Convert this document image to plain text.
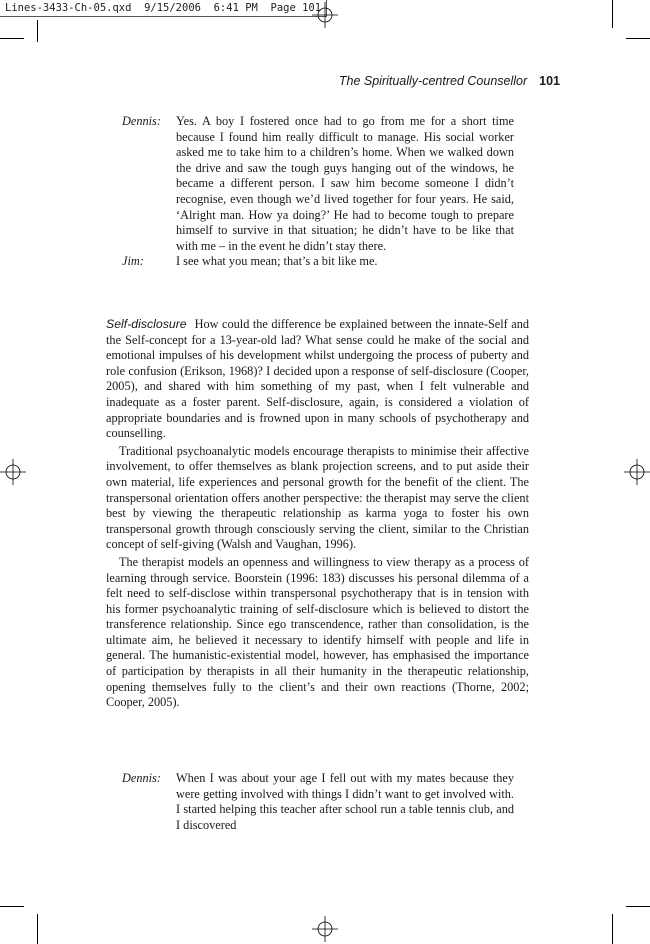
Lines-3433-Ch-05.qxd  9/15/2006  6:41 PM  Page 101
The Spiritually-centred Counsellor 101
Dennis:	Yes. A boy I fostered once had to go from me for a short time because I found him really difficult to manage. His social worker asked me to take him to a children’s home. When we walked down the drive and saw the tough guys hanging out of the windows, he became a different person. I saw him become someone I didn’t recognise, even though we’d lived together for four years. He said, ‘Alright man. How ya doing?’ He had to become tough to prepare himself to survive in that situation; he didn’t have to be like that with me – in the event he didn’t stay there.
Jim:	I see what you mean; that’s a bit like me.

Self-disclosure How could the difference be explained between the innate-Self and the Self-concept for a 13-year-old lad? What sense could he make of the social and emotional impulses of his development whilst undergoing the process of puberty and role confusion (Erikson, 1968)? I decided upon a response of self-disclosure (Cooper, 2005), and shared with him something of my past, when I felt vulnerable and inadequate as a foster parent. Self-disclosure, again, is considered a violation of appropriate boundaries and is frowned upon in many schools of psychotherapy and counselling.

Traditional psychoanalytic models encourage therapists to minimise their affective involvement, to offer themselves as blank projection screens, and to put aside their own material, life experiences and personal growth for the benefit of the client. The transpersonal orientation offers another perspective: the therapist may serve the client best by viewing the therapeutic relationship as karma yoga to foster his own transpersonal growth through consciously serving the client, similar to the Christian concept of self-giving (Walsh and Vaughan, 1996).

The therapist models an openness and willingness to view therapy as a process of learning through service. Boorstein (1996: 183) discusses his personal dilemma of a felt need to self-disclose within transpersonal psychotherapy that is in tension with his former psychoanalytic training of self-disclosure which is believed to distort the transference relationship. Since ego transcendence, rather than consolidation, is the ultimate aim, he believed it necessary to identify himself with people and life in general. The humanistic-existential model, however, has emphasised the importance of participation by therapists in all their humanity in the therapeutic relationship, opening themselves fully to the client’s and their own reactions (Thorne, 2002; Cooper, 2005).

Dennis:	When I was about your age I fell out with my mates because they were getting involved with things I didn’t want to get involved with. I started helping this teacher after school run a table tennis club, and I discovered
